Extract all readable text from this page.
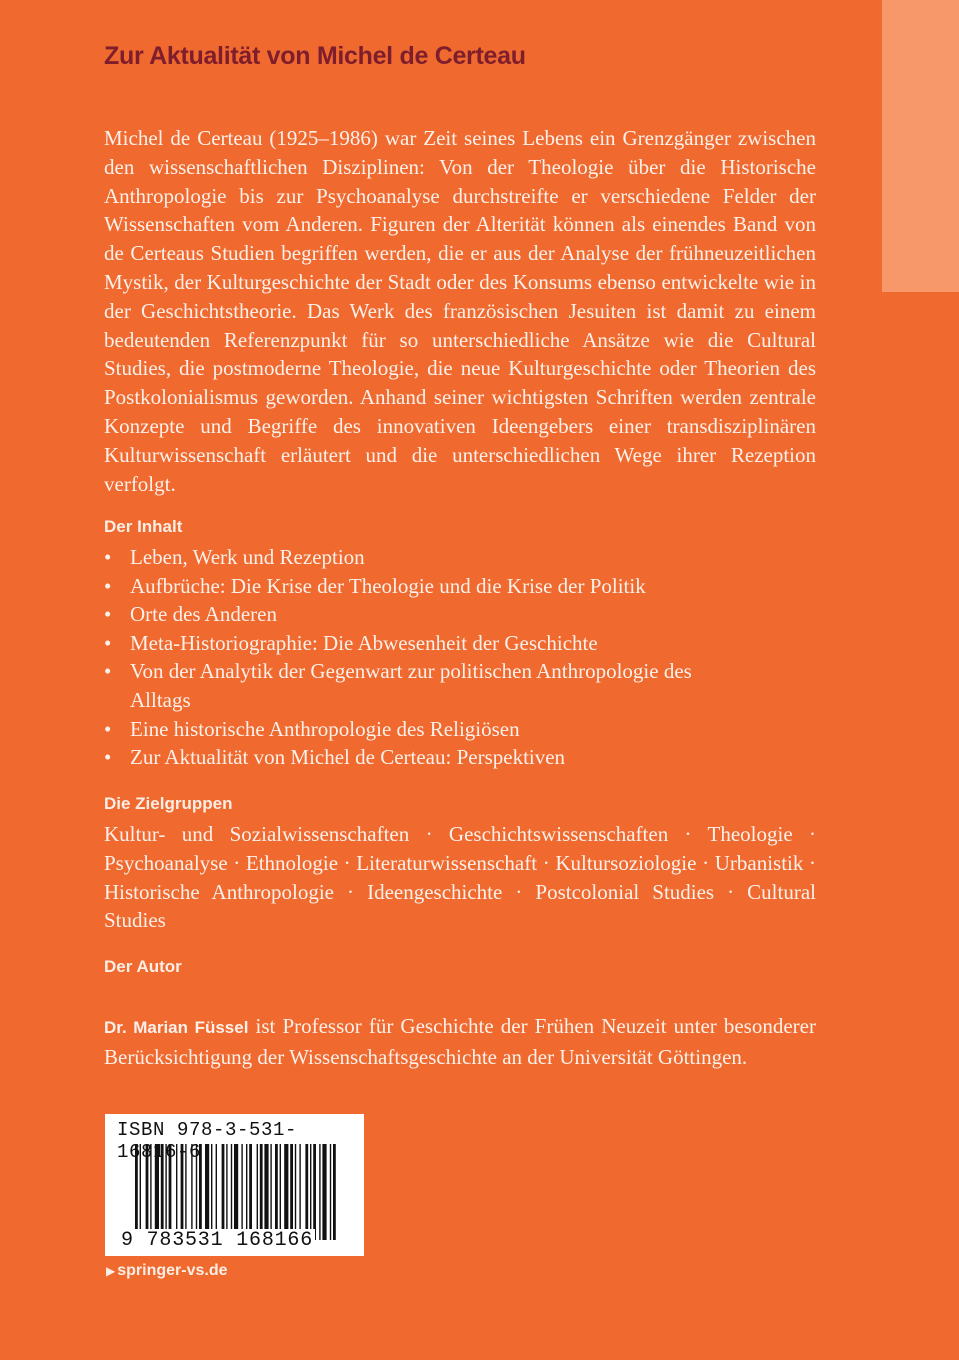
Zur Aktualität von Michel de Certeau

Michel de Certeau (1925–1986) war Zeit seines Lebens ein Grenzgänger zwischen den wissenschaftlichen Disziplinen: Von der Theologie über die Historische Anthropologie bis zur Psychoanalyse durchstreifte er verschiedene Felder der Wissenschaften vom Anderen. Figuren der Alterität können als einendes Band von de Certeaus Studien begriffen werden, die er aus der Analyse der frühneuzeitlichen Mystik, der Kulturgeschichte der Stadt oder des Konsums ebenso entwickelte wie in der Geschichtstheorie. Das Werk des französischen Jesuiten ist damit zu einem bedeutenden Referenzpunkt für so unterschiedliche Ansätze wie die Cultural Studies, die postmoderne Theologie, die neue Kulturgeschichte oder Theorien des Postkolonialismus geworden. Anhand seiner wichtigsten Schriften werden zentrale Konzepte und Begriffe des innovativen Ideengebers einer transdisziplinären Kulturwissenschaft erläutert und die unterschiedlichen Wege ihrer Rezeption verfolgt.

Der Inhalt
• Leben, Werk und Rezeption
• Aufbrüche: Die Krise der Theologie und die Krise der Politik
• Orte des Anderen
• Meta-Historiographie: Die Abwesenheit der Geschichte
• Von der Analytik der Gegenwart zur politischen Anthropologie des Alltags
• Eine historische Anthropologie des Religiösen
• Zur Aktualität von Michel de Certeau: Perspektiven
Die Zielgruppen

Kultur- und Sozialwissenschaften · Geschichtswissenschaften · Theologie · Psychoanalyse · Ethnologie · Literaturwissenschaft · Kultursoziologie · Urbanistik · Historische Anthropologie · Ideengeschichte · Postcolonial Studies · Cultural Studies

Der Autor

Dr. Marian Füssel ist Professor für Geschichte der Frühen Neuzeit unter besonderer Berücksichtigung der Wissenschaftsgeschichte an der Universität Göttingen.

ISBN 978-3-531-16816-6
9 783531 168166
▶ springer-vs.de
